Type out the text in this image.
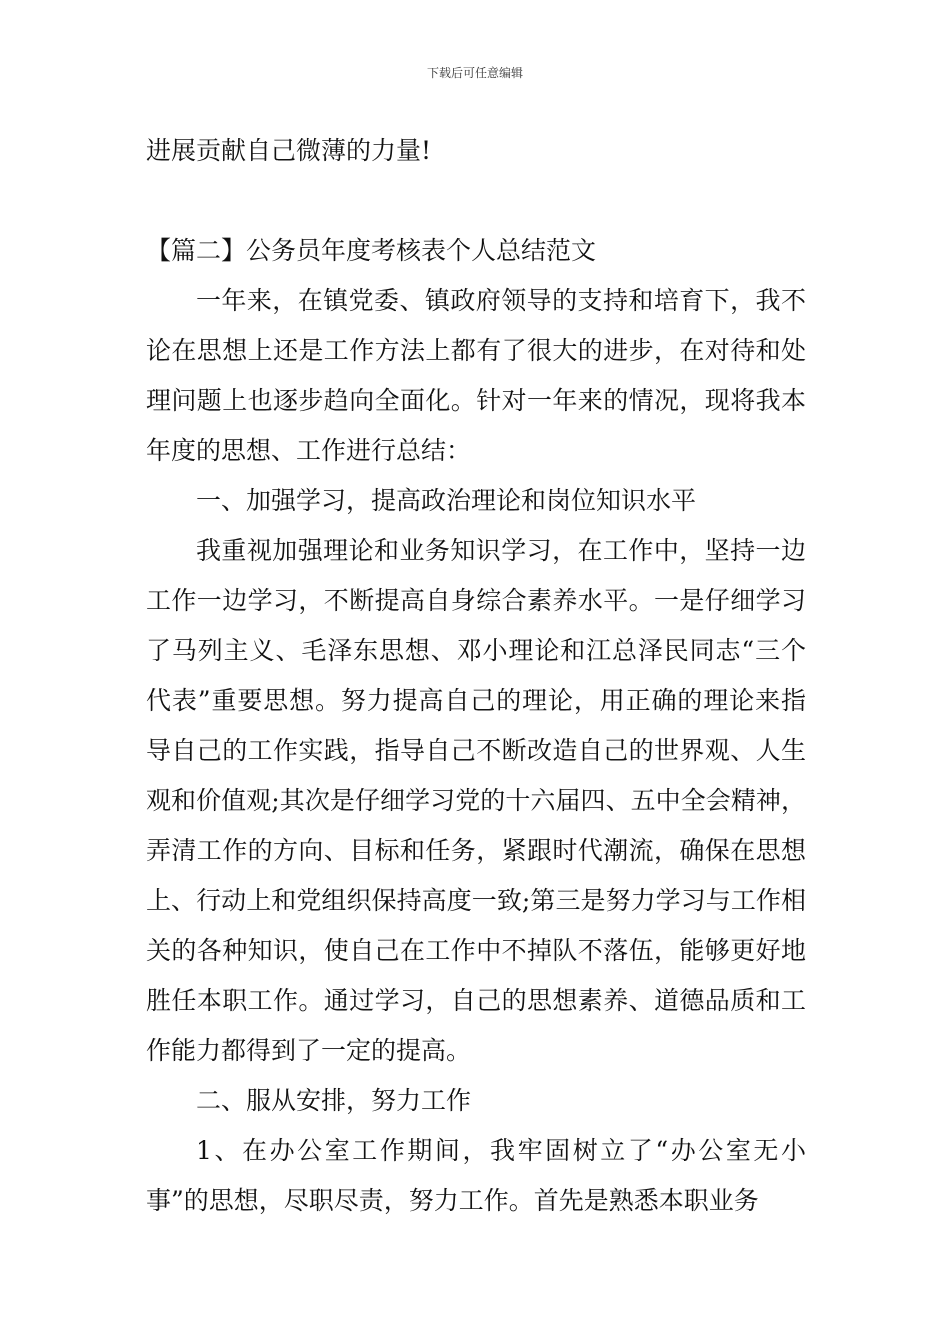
下载后可任意编辑

进展贡献自己微薄的力量!

【篇二】公务员年度考核表个人总结范文

一年来，在镇党委、镇政府领导的支持和培育下，我不论在思想上还是工作方法上都有了很大的进步，在对待和处理问题上也逐步趋向全面化。针对一年来的情况，现将我本年度的思想、工作进行总结：

一、加强学习，提高政治理论和岗位知识水平

我重视加强理论和业务知识学习，在工作中，坚持一边工作一边学习，不断提高自身综合素养水平。一是仔细学习了马列主义、毛泽东思想、邓小理论和江总泽民同志“三个代表”重要思想。努力提高自己的理论，用正确的理论来指导自己的工作实践，指导自己不断改造自己的世界观、人生观和价值观;其次是仔细学习党的十六届四、五中全会精神，弄清工作的方向、目标和任务，紧跟时代潮流，确保在思想上、行动上和党组织保持高度一致;第三是努力学习与工作相关的各种知识，使自己在工作中不掉队不落伍，能够更好地胜任本职工作。通过学习，自己的思想素养、道德品质和工作能力都得到了一定的提高。

二、服从安排，努力工作

1、在办公室工作期间，我牢固树立了“办公室无小事”的思想，尽职尽责，努力工作。首先是熟悉本职业务
